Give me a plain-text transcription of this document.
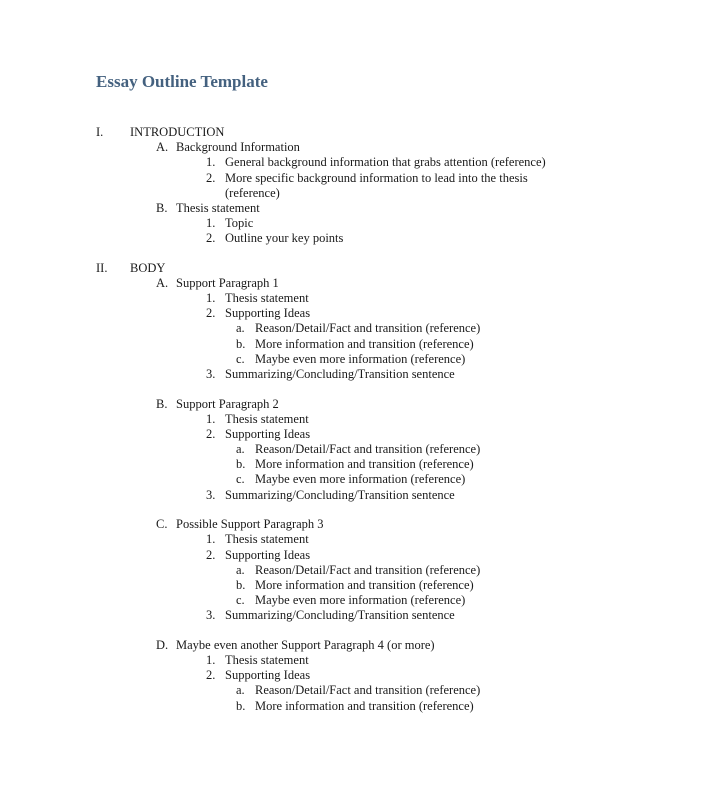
Essay Outline Template
I. INTRODUCTION
A. Background Information
1. General background information that grabs attention (reference)
2. More specific background information to lead into the thesis
(reference)
B. Thesis statement
1. Topic
2. Outline your key points
II. BODY
A. Support Paragraph 1
1. Thesis statement
2. Supporting Ideas
a. Reason/Detail/Fact and transition (reference)
b. More information and transition (reference)
c. Maybe even more information (reference)
3. Summarizing/Concluding/Transition sentence
B. Support Paragraph 2
1. Thesis statement
2. Supporting Ideas
a. Reason/Detail/Fact and transition (reference)
b. More information and transition (reference)
c. Maybe even more information (reference)
3. Summarizing/Concluding/Transition sentence
C. Possible Support Paragraph 3
1. Thesis statement
2. Supporting Ideas
a. Reason/Detail/Fact and transition (reference)
b. More information and transition (reference)
c. Maybe even more information (reference)
3. Summarizing/Concluding/Transition sentence
D. Maybe even another Support Paragraph 4 (or more)
1. Thesis statement
2. Supporting Ideas
a. Reason/Detail/Fact and transition (reference)
b. More information and transition (reference)
